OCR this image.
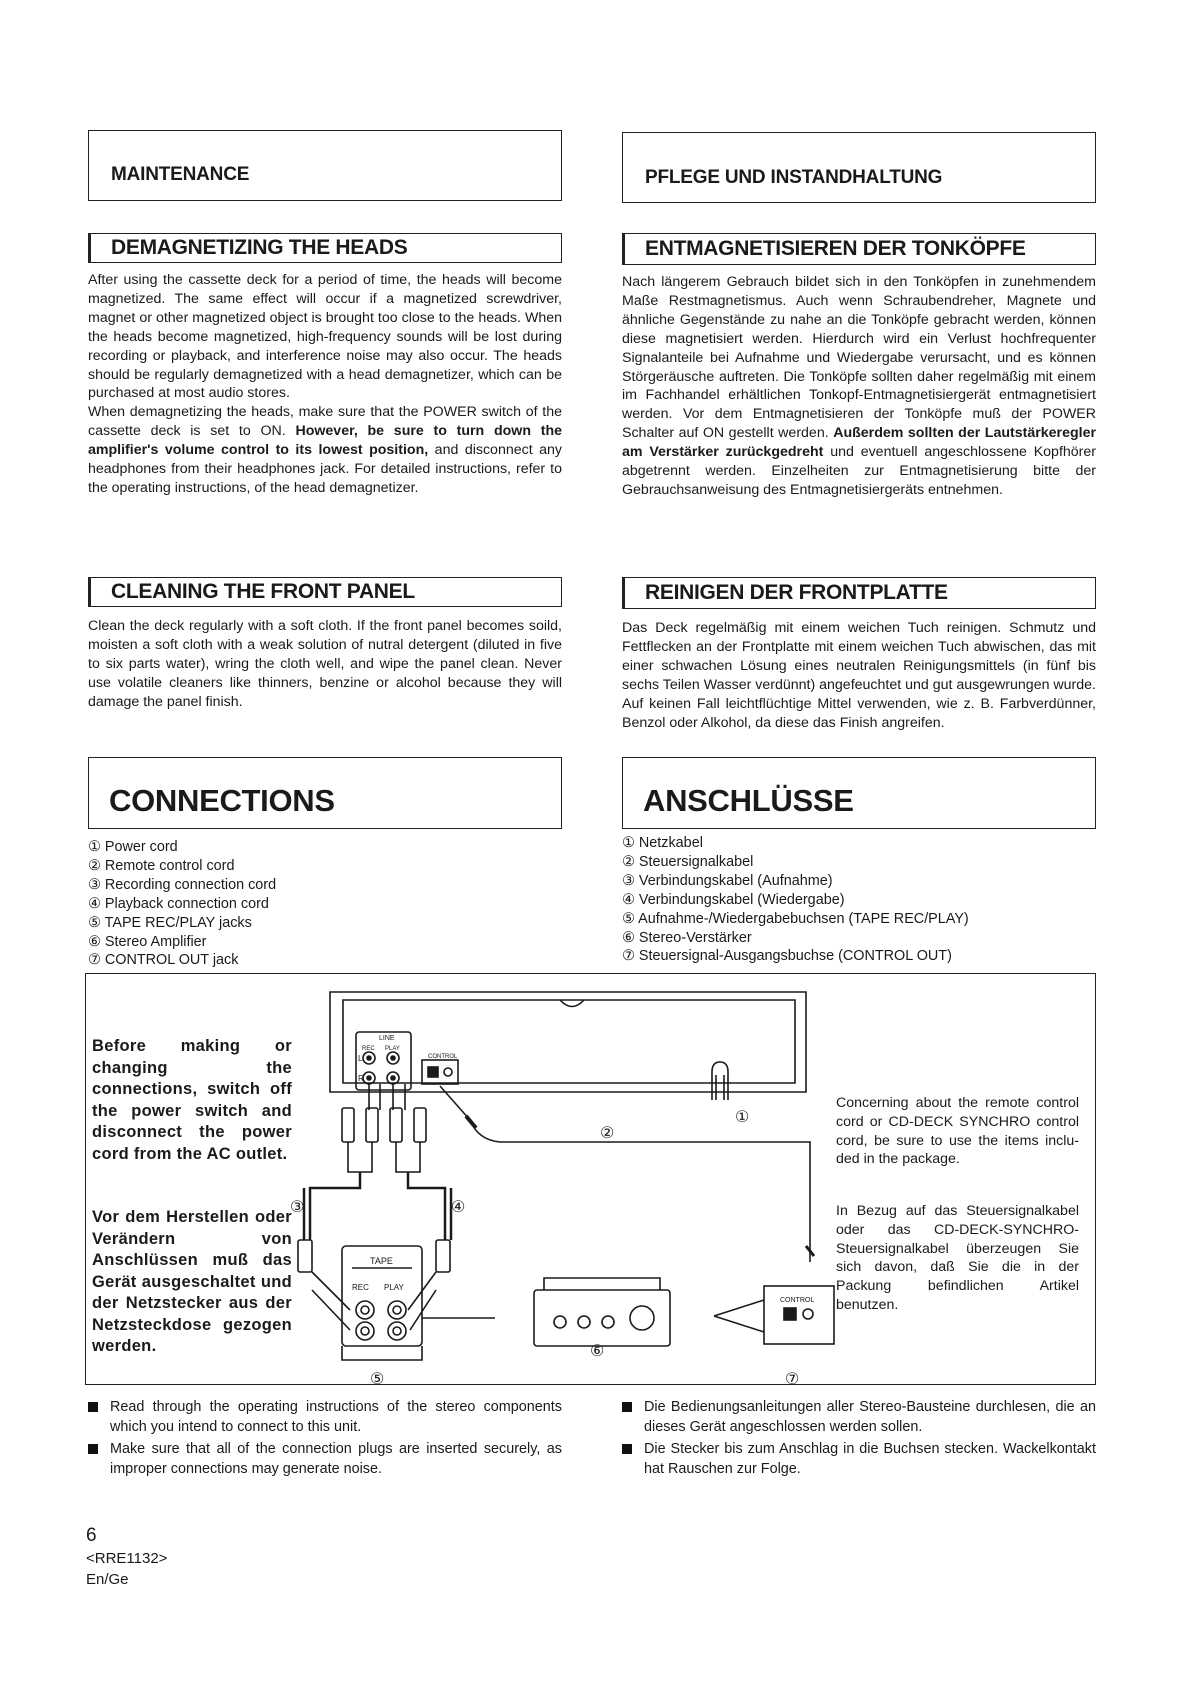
MAINTENANCE
DEMAGNETIZING THE HEADS
After using the cassette deck for a period of time, the heads will become magnetized. The same effect will occur if a magnetized screwdriver, magnet or other magnetized object is brought too close to the heads. When the heads become magnetized, high-frequency sounds will be lost during recording or playback, and interference noise may also occur. The heads should be regularly demagnetized with a head demagnetizer, which can be purchased at most audio stores.
When demagnetizing the heads, make sure that the POWER switch of the cassette deck is set to ON. However, be sure to turn down the amplifier's volume control to its lowest position, and disconnect any headphones from their headphones jack. For detailed instructions, refer to the operating instructions, of the head demagnetizer.
CLEANING THE FRONT PANEL
Clean the deck regularly with a soft cloth. If the front panel becomes soild, moisten a soft cloth with a weak solution of nutral detergent (diluted in five to six parts water), wring the cloth well, and wipe the panel clean. Never use volatile cleaners like thinners, benzine or alcohol because they will damage the panel finish.
CONNECTIONS
① Power cord
② Remote control cord
③ Recording connection cord
④ Playback connection cord
⑤ TAPE REC/PLAY jacks
⑥ Stereo Amplifier
⑦ CONTROL OUT jack
PFLEGE UND INSTANDHALTUNG
ENTMAGNETISIEREN DER TONKÖPFE
Nach längerem Gebrauch bildet sich in den Tonköpfen in zunehmendem Maße Restmagnetismus. Auch wenn Schraubendreher, Magnete und ähnliche Gegenstände zu nahe an die Tonköpfe gebracht werden, können diese magnetisiert werden. Hierdurch wird ein Verlust hochfrequenter Signalanteile bei Aufnahme und Wiedergabe verursacht, und es können Störgeräusche auftreten. Die Tonköpfe sollten daher regelmäßig mit einem im Fachhandel erhältlichen Tonkopf-Entmagnetisiergerät entmagnetisiert werden. Vor dem Entmagnetisieren der Tonköpfe muß der POWER Schalter auf ON gestellt werden. Außerdem sollten der Lautstärkeregler am Verstärker zurückgedreht und eventuell angeschlossene Kopfhörer abgetrennt werden. Einzelheiten zur Entmagnetisierung bitte der Gebrauchsanweisung des Entmagnetisiergeräts entnehmen.
REINIGEN DER FRONTPLATTE
Das Deck regelmäßig mit einem weichen Tuch reinigen. Schmutz und Fettflecken an der Frontplatte mit einem weichen Tuch abwischen, das mit einer schwachen Lösung eines neutralen Reinigungsmittels (in fünf bis sechs Teilen Wasser verdünnt) angefeuchtet und gut ausgewrungen wurde. Auf keinen Fall leichtflüchtige Mittel verwenden, wie z. B. Farbverdünner, Benzol oder Alkohol, da diese das Finish angreifen.
ANSCHLÜSSE
① Netzkabel
② Steuersignalkabel
③ Verbindungskabel (Aufnahme)
④ Verbindungskabel (Wiedergabe)
⑤ Aufnahme-/Wiedergabebuchsen (TAPE REC/PLAY)
⑥ Stereo-Verstärker
⑦ Steuersignal-Ausgangsbuchse (CONTROL OUT)
Before making or changing the connections, switch off the power switch and disconnect the power cord from the AC outlet.
Vor dem Herstellen oder Verändern von Anschlüssen muß das Gerät ausgeschaltet und der Netzstecker aus der Netzsteckdose gezogen werden.
Concerning about the remote control cord or CD-DECK SYNCHRO control cord, be sure to use the items inclu-ded in the package.
In Bezug auf das Steuersignalkabel oder das CD-DECK-SYNCHRO-Steuersignalkabel überzeugen Sie sich davon, daß Sie die in der Packung befindlichen Artikel benutzen.
LINE
REC PLAY
L
R
CONTROL
TAPE
REC PLAY
CONTROL
①
②
③	④
⑤
⑥
⑦
Read through the operating instructions of the stereo components which you intend to connect to this unit.
Make sure that all of the connection plugs are inserted securely, as improper connections may generate noise.
Die Bedienungsanleitungen aller Stereo-Bausteine durchlesen, die an dieses Gerät angeschlossen werden sollen.
Die Stecker bis zum Anschlag in die Buchsen stecken. Wackelkontakt hat Rauschen zur Folge.
6
<RRE1132>
En/Ge
